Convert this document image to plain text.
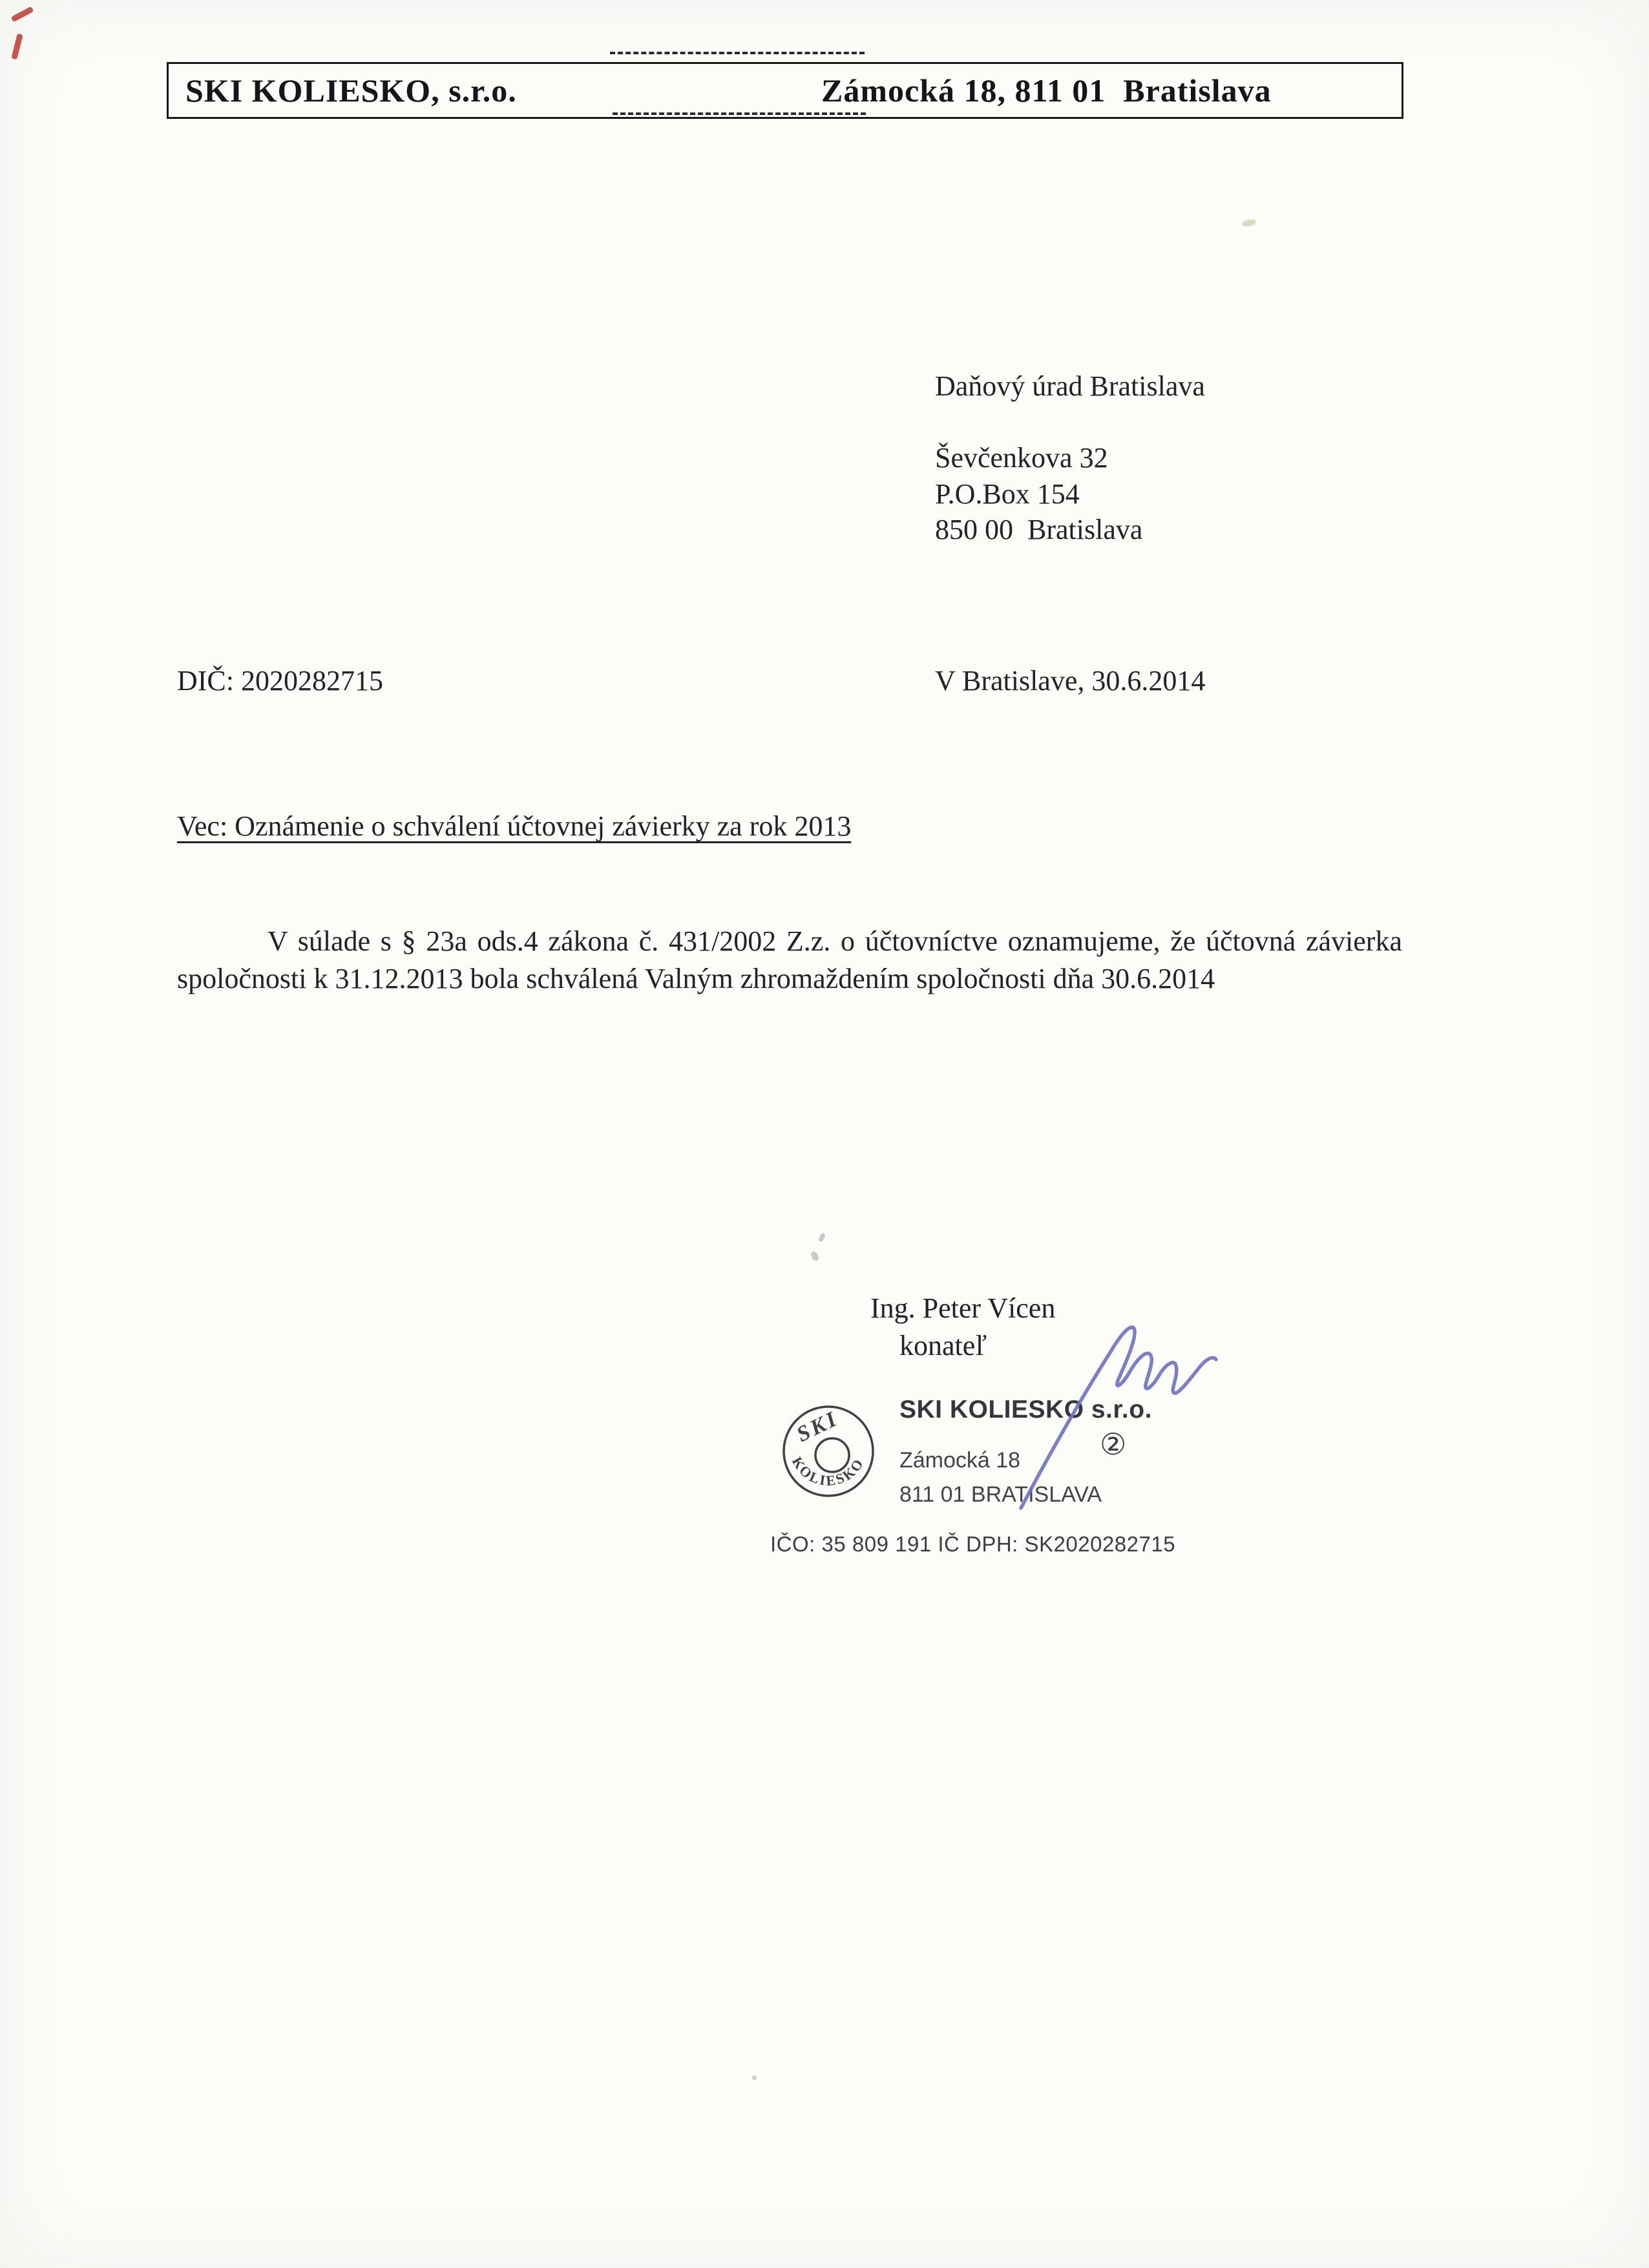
SKI KOLIESKO, s.r.o.	Zámocká 18, 811 01  Bratislava
Daňový úrad Bratislava
Ševčenkova 32
P.O.Box 154
850 00  Bratislava
DIČ: 2020282715	V Bratislave, 30.6.2014
Vec: Oznámenie o schválení účtovnej závierky za rok 2013
V súlade s § 23a ods.4 zákona č. 431/2002 Z.z. o účtovníctve oznamujeme, že účtovná závierka spoločnosti k 31.12.2013 bola schválená Valným zhromaždením spoločnosti dňa 30.6.2014
Ing. Peter Vícen
konateľ
SKI
KOLIESKO
SKI KOLIESKO s.r.o.
Zámocká 18
811 01 BRATISLAVA
②
IČO: 35 809 191 IČ DPH: SK2020282715
